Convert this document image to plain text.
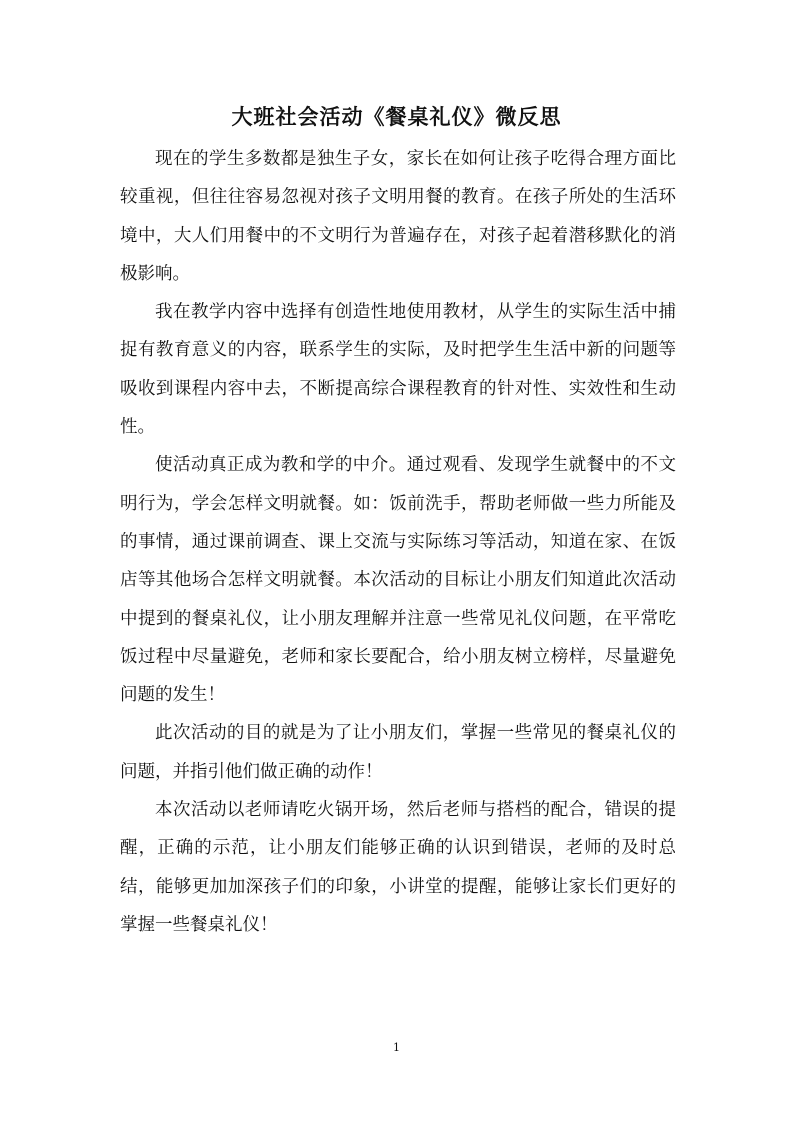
大班社会活动《餐桌礼仪》微反思

现在的学生多数都是独生子女，家长在如何让孩子吃得合理方面比较重视，但往往容易忽视对孩子文明用餐的教育。在孩子所处的生活环境中，大人们用餐中的不文明行为普遍存在，对孩子起着潜移默化的消极影响。

我在教学内容中选择有创造性地使用教材，从学生的实际生活中捕捉有教育意义的内容，联系学生的实际，及时把学生生活中新的问题等吸收到课程内容中去，不断提高综合课程教育的针对性、实效性和生动性。

使活动真正成为教和学的中介。通过观看、发现学生就餐中的不文明行为，学会怎样文明就餐。如：饭前洗手，帮助老师做一些力所能及的事情，通过课前调查、课上交流与实际练习等活动，知道在家、在饭店等其他场合怎样文明就餐。本次活动的目标让小朋友们知道此次活动中提到的餐桌礼仪，让小朋友理解并注意一些常见礼仪问题，在平常吃饭过程中尽量避免，老师和家长要配合，给小朋友树立榜样，尽量避免问题的发生！

此次活动的目的就是为了让小朋友们，掌握一些常见的餐桌礼仪的问题，并指引他们做正确的动作！

本次活动以老师请吃火锅开场，然后老师与搭档的配合，错误的提醒，正确的示范，让小朋友们能够正确的认识到错误，老师的及时总结，能够更加加深孩子们的印象，小讲堂的提醒，能够让家长们更好的掌握一些餐桌礼仪！

1
